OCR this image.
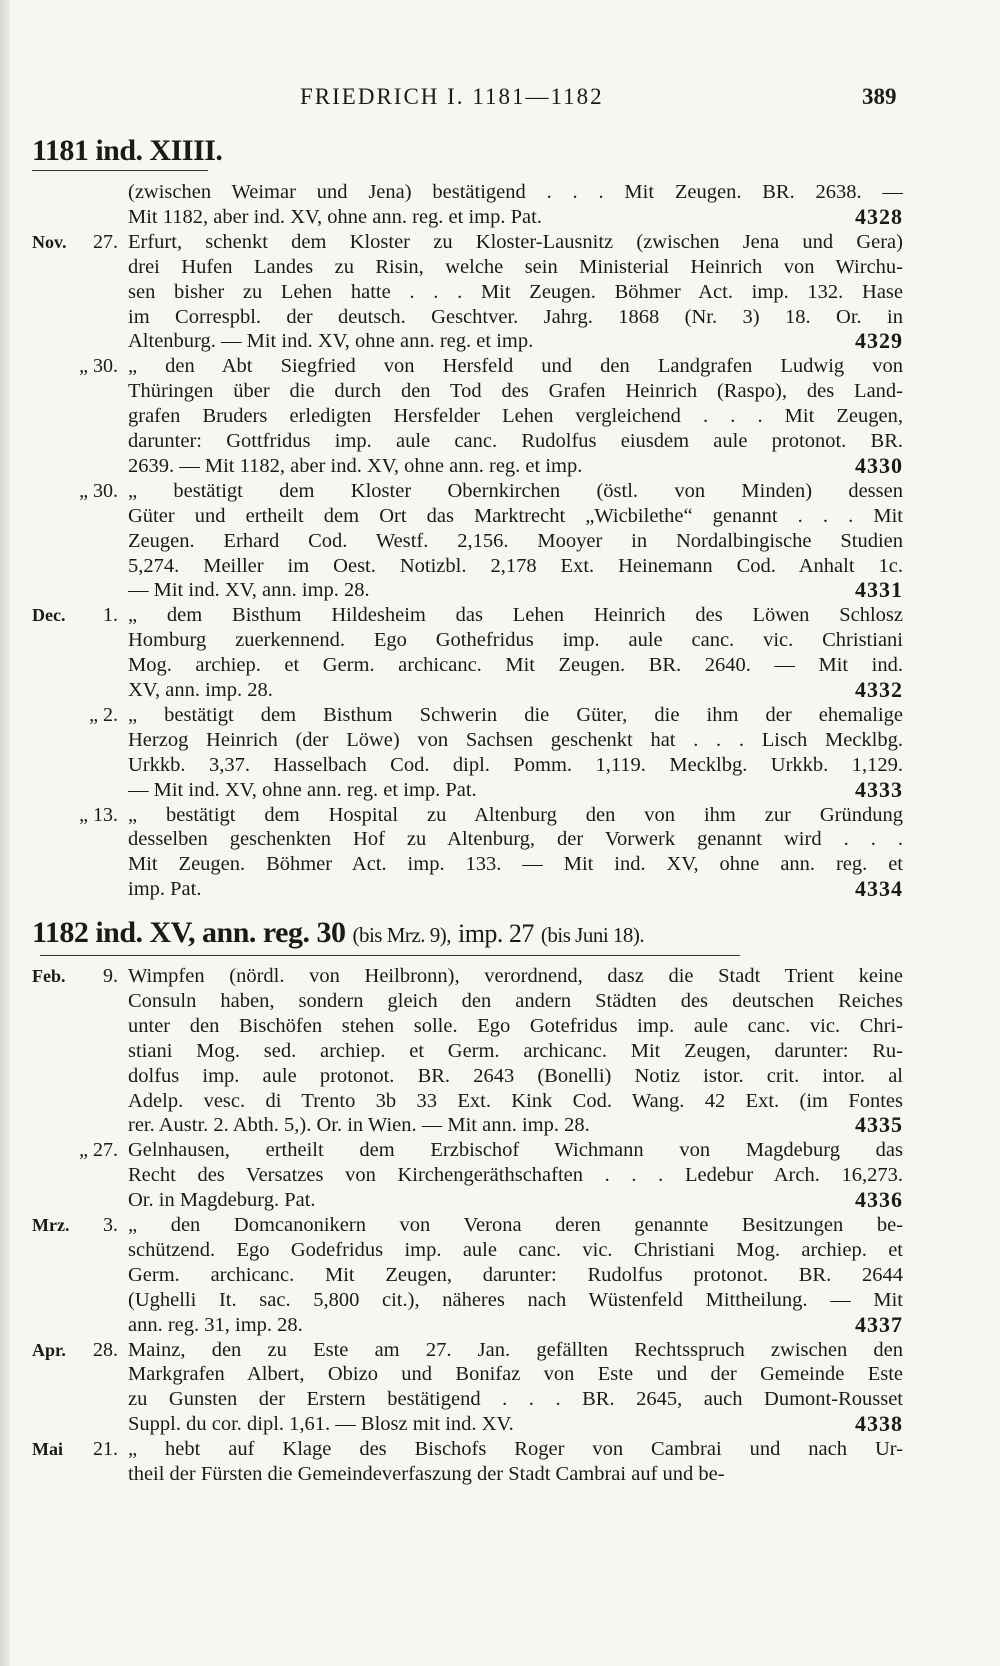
FRIEDRICH I. 1181—1182	389
1181 ind. XIIII.
1182 ind. XV, ann. reg. 30 (bis Mrz. 9), imp. 27 (bis Juni 18).
(zwischen Weimar und Jena) bestätigend . . . Mit Zeugen. BR. 2638. —
Mit 1182, aber ind. XV, ohne ann. reg. et imp. Pat.	4328
Nov.	27. Erfurt, schenkt dem Kloster zu Kloster-Lausnitz (zwischen Jena und Gera)
drei Hufen Landes zu Risin, welche sein Ministerial Heinrich von Wirchu-
sen bisher zu Lehen hatte . . . Mit Zeugen. Böhmer Act. imp. 132. Hase
im Correspbl. der deutsch. Geschtver. Jahrg. 1868 (Nr. 3) 18. Or. in
Altenburg. — Mit ind. XV, ohne ann. reg. et imp.	4329
„ 30. „ den Abt Siegfried von Hersfeld und den Landgrafen Ludwig von
Thüringen über die durch den Tod des Grafen Heinrich (Raspo), des Land-
grafen Bruders erledigten Hersfelder Lehen vergleichend . . . Mit Zeugen,
darunter: Gottfridus imp. aule canc. Rudolfus eiusdem aule protonot. BR.
2639. — Mit 1182, aber ind. XV, ohne ann. reg. et imp.	4330
„ 30. „ bestätigt dem Kloster Obernkirchen (östl. von Minden) dessen
Güter und ertheilt dem Ort das Marktrecht „Wicbilethe“ genannt . . . Mit
Zeugen. Erhard Cod. Westf. 2,156. Mooyer in Nordalbingische Studien
5,274. Meiller im Oest. Notizbl. 2,178 Ext. Heinemann Cod. Anhalt 1c.
— Mit ind. XV, ann. imp. 28.	4331
Dec.	1. „ dem Bisthum Hildesheim das Lehen Heinrich des Löwen Schlosz
Homburg zuerkennend. Ego Gothefridus imp. aule canc. vic. Christiani
Mog. archiep. et Germ. archicanc. Mit Zeugen. BR. 2640. — Mit ind.
XV, ann. imp. 28.	4332
„ 2. „ bestätigt dem Bisthum Schwerin die Güter, die ihm der ehemalige
Herzog Heinrich (der Löwe) von Sachsen geschenkt hat . . . Lisch Mecklbg.
Urkkb. 3,37. Hasselbach Cod. dipl. Pomm. 1,119. Mecklbg. Urkkb. 1,129.
— Mit ind. XV, ohne ann. reg. et imp. Pat.	4333
„ 13. „ bestätigt dem Hospital zu Altenburg den von ihm zur Gründung
desselben geschenkten Hof zu Altenburg, der Vorwerk genannt wird . . .
Mit Zeugen. Böhmer Act. imp. 133. — Mit ind. XV, ohne ann. reg. et
imp. Pat.	4334
Feb.	9. Wimpfen (nördl. von Heilbronn), verordnend, dasz die Stadt Trient keine
Consuln haben, sondern gleich den andern Städten des deutschen Reiches
unter den Bischöfen stehen solle. Ego Gotefridus imp. aule canc. vic. Chri-
stiani Mog. sed. archiep. et Germ. archicanc. Mit Zeugen, darunter: Ru-
dolfus imp. aule protonot. BR. 2643 (Bonelli) Notiz istor. crit. intor. al
Adelp. vesc. di Trento 3b 33 Ext. Kink Cod. Wang. 42 Ext. (im Fontes
rer. Austr. 2. Abth. 5,). Or. in Wien. — Mit ann. imp. 28.	4335
„ 27. Gelnhausen, ertheilt dem Erzbischof Wichmann von Magdeburg das
Recht des Versatzes von Kirchengeräthschaften . . . Ledebur Arch. 16,273.
Or. in Magdeburg. Pat.	4336
Mrz.	3. „ den Domcanonikern von Verona deren genannte Besitzungen be-
schützend. Ego Godefridus imp. aule canc. vic. Christiani Mog. archiep. et
Germ. archicanc. Mit Zeugen, darunter: Rudolfus protonot. BR. 2644
(Ughelli It. sac. 5,800 cit.), näheres nach Wüstenfeld Mittheilung. — Mit
ann. reg. 31, imp. 28.	4337
Apr.	28. Mainz, den zu Este am 27. Jan. gefällten Rechtsspruch zwischen den
Markgrafen Albert, Obizo und Bonifaz von Este und der Gemeinde Este
zu Gunsten der Erstern bestätigend . . . BR. 2645, auch Dumont-Rousset
Suppl. du cor. dipl. 1,61. — Blosz mit ind. XV.	4338
Mai	21. „ hebt auf Klage des Bischofs Roger von Cambrai und nach Ur-
theil der Fürsten die Gemeindeverfaszung der Stadt Cambrai auf und be-
